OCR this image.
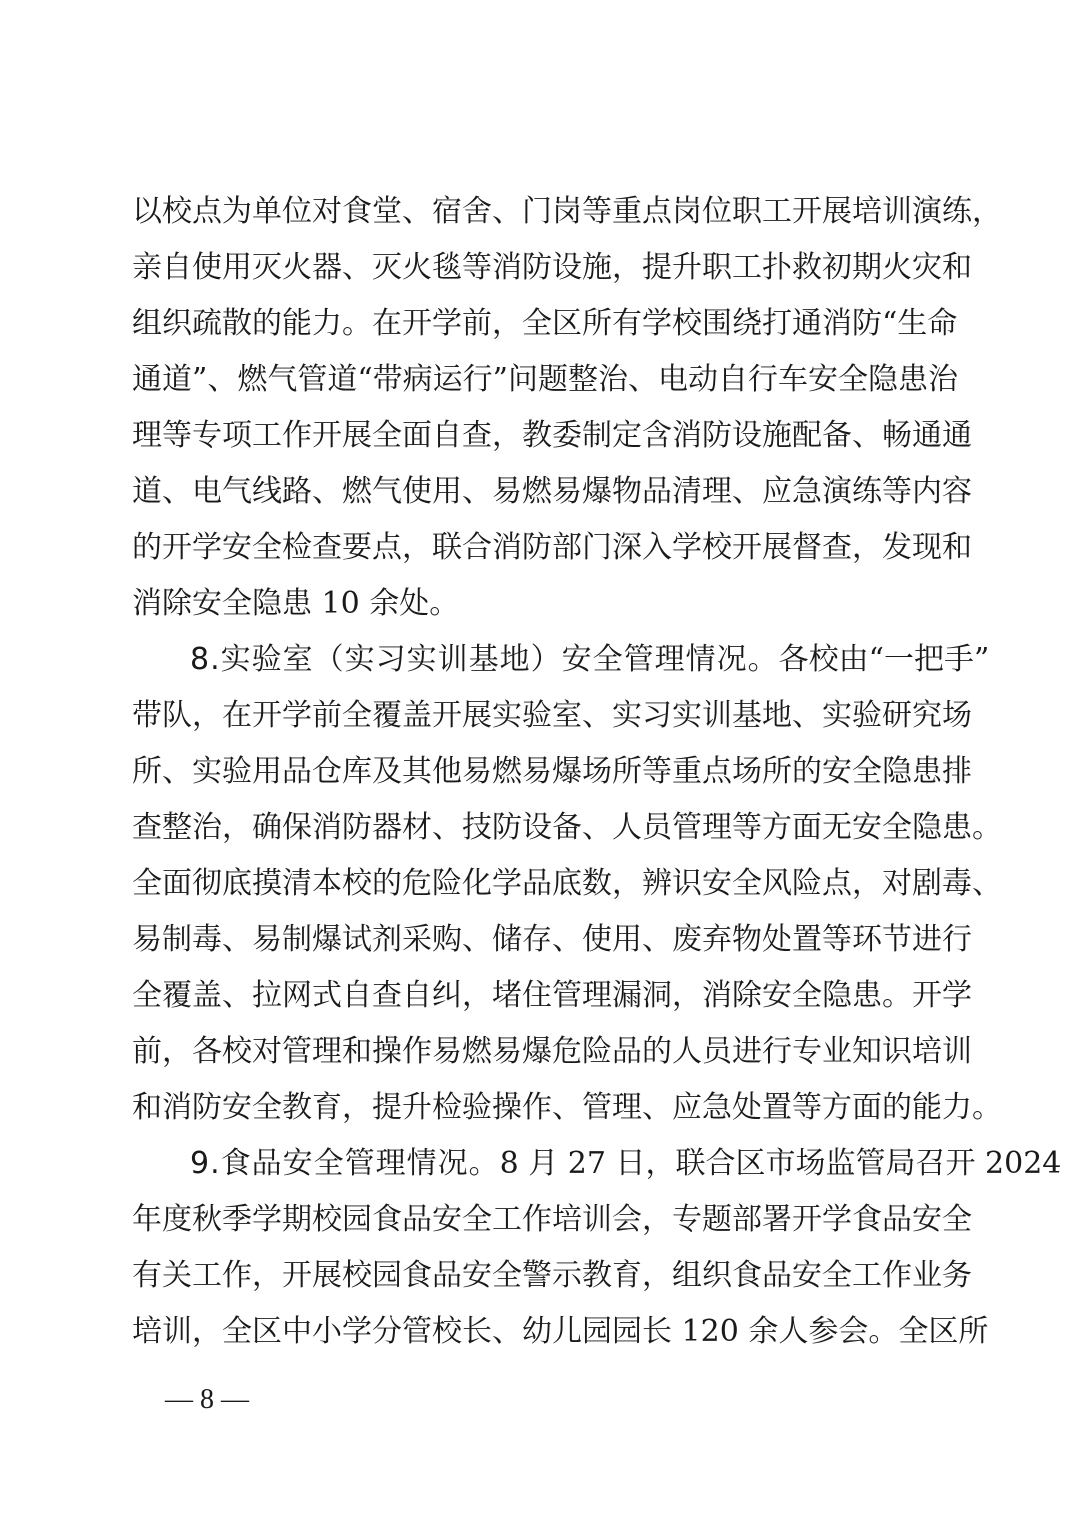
以校点为单位对食堂、宿舍、门岗等重点岗位职工开展培训演练，
亲自使用灭火器、灭火毯等消防设施，提升职工扑救初期火灾和
组织疏散的能力。在开学前，全区所有学校围绕打通消防“生命
通道”、燃气管道“带病运行”问题整治、电动自行车安全隐患治
理等专项工作开展全面自查，教委制定含消防设施配备、畅通通
道、电气线路、燃气使用、易燃易爆物品清理、应急演练等内容
的开学安全检查要点，联合消防部门深入学校开展督查，发现和
消除安全隐患 10 余处。
8.实验室（实习实训基地）安全管理情况。各校由“一把手”
带队，在开学前全覆盖开展实验室、实习实训基地、实验研究场
所、实验用品仓库及其他易燃易爆场所等重点场所的安全隐患排
查整治，确保消防器材、技防设备、人员管理等方面无安全隐患。
全面彻底摸清本校的危险化学品底数，辨识安全风险点，对剧毒、
易制毒、易制爆试剂采购、储存、使用、废弃物处置等环节进行
全覆盖、拉网式自查自纠，堵住管理漏洞，消除安全隐患。开学
前，各校对管理和操作易燃易爆危险品的人员进行专业知识培训
和消防安全教育，提升检验操作、管理、应急处置等方面的能力。
9.食品安全管理情况。8 月 27 日，联合区市场监管局召开 2024
年度秋季学期校园食品安全工作培训会，专题部署开学食品安全
有关工作，开展校园食品安全警示教育，组织食品安全工作业务
培训，全区中小学分管校长、幼儿园园长 120 余人参会。全区所
— 8 —
